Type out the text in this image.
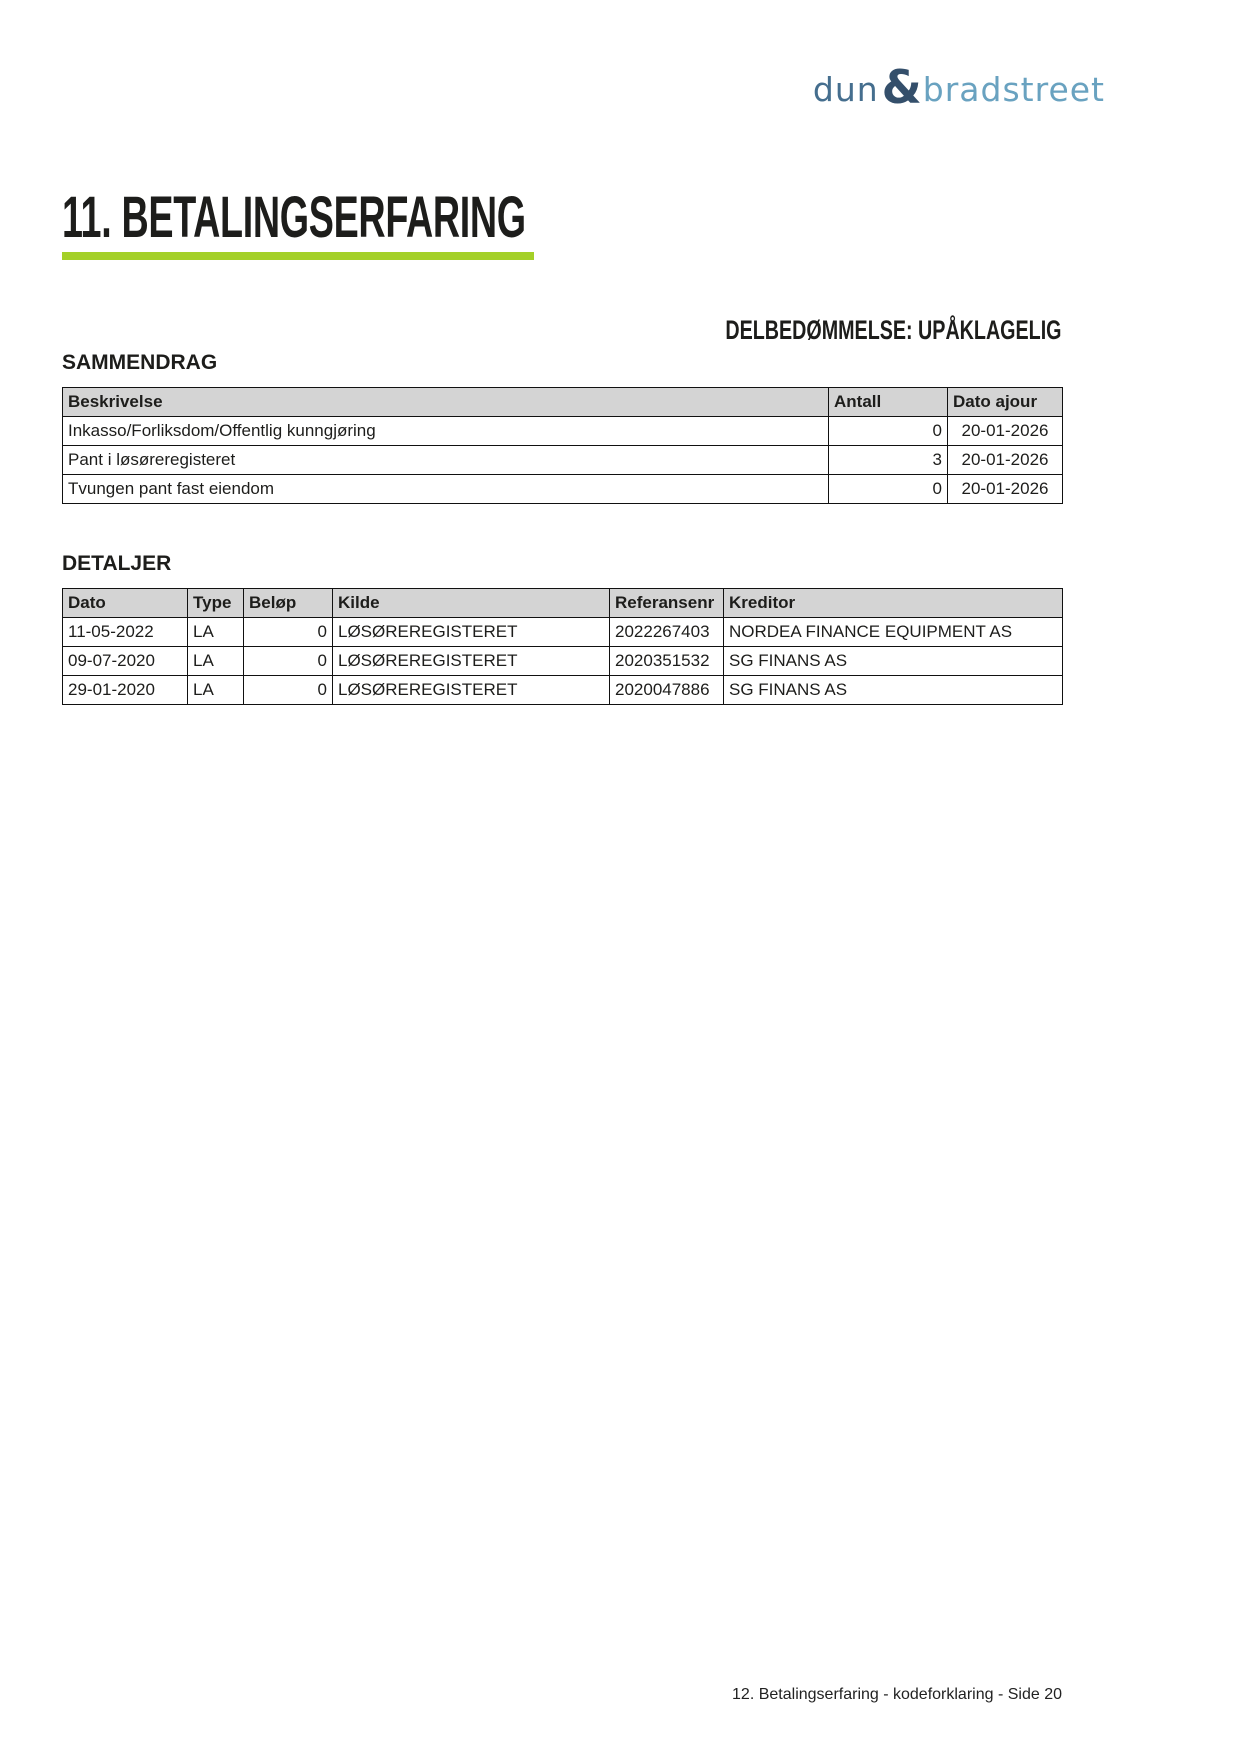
dun & bradstreet
11. BETALINGSERFARING
DELBEDØMMELSE: UPÅKLAGELIG
SAMMENDRAG
Beskrivelse	Antall	Dato ajour
Inkasso/Forliksdom/Offentlig kunngjøring	0	20-01-2026
Pant i løsøreregisteret	3	20-01-2026
Tvungen pant fast eiendom	0	20-01-2026
DETALJER
Dato	Type	Beløp	Kilde	Referansenr	Kreditor
11-05-2022	LA	0	LØSØREREGISTERET	2022267403	NORDEA FINANCE EQUIPMENT AS
09-07-2020	LA	0	LØSØREREGISTERET	2020351532	SG FINANS AS
29-01-2020	LA	0	LØSØREREGISTERET	2020047886	SG FINANS AS
12. Betalingserfaring - kodeforklaring - Side 20
